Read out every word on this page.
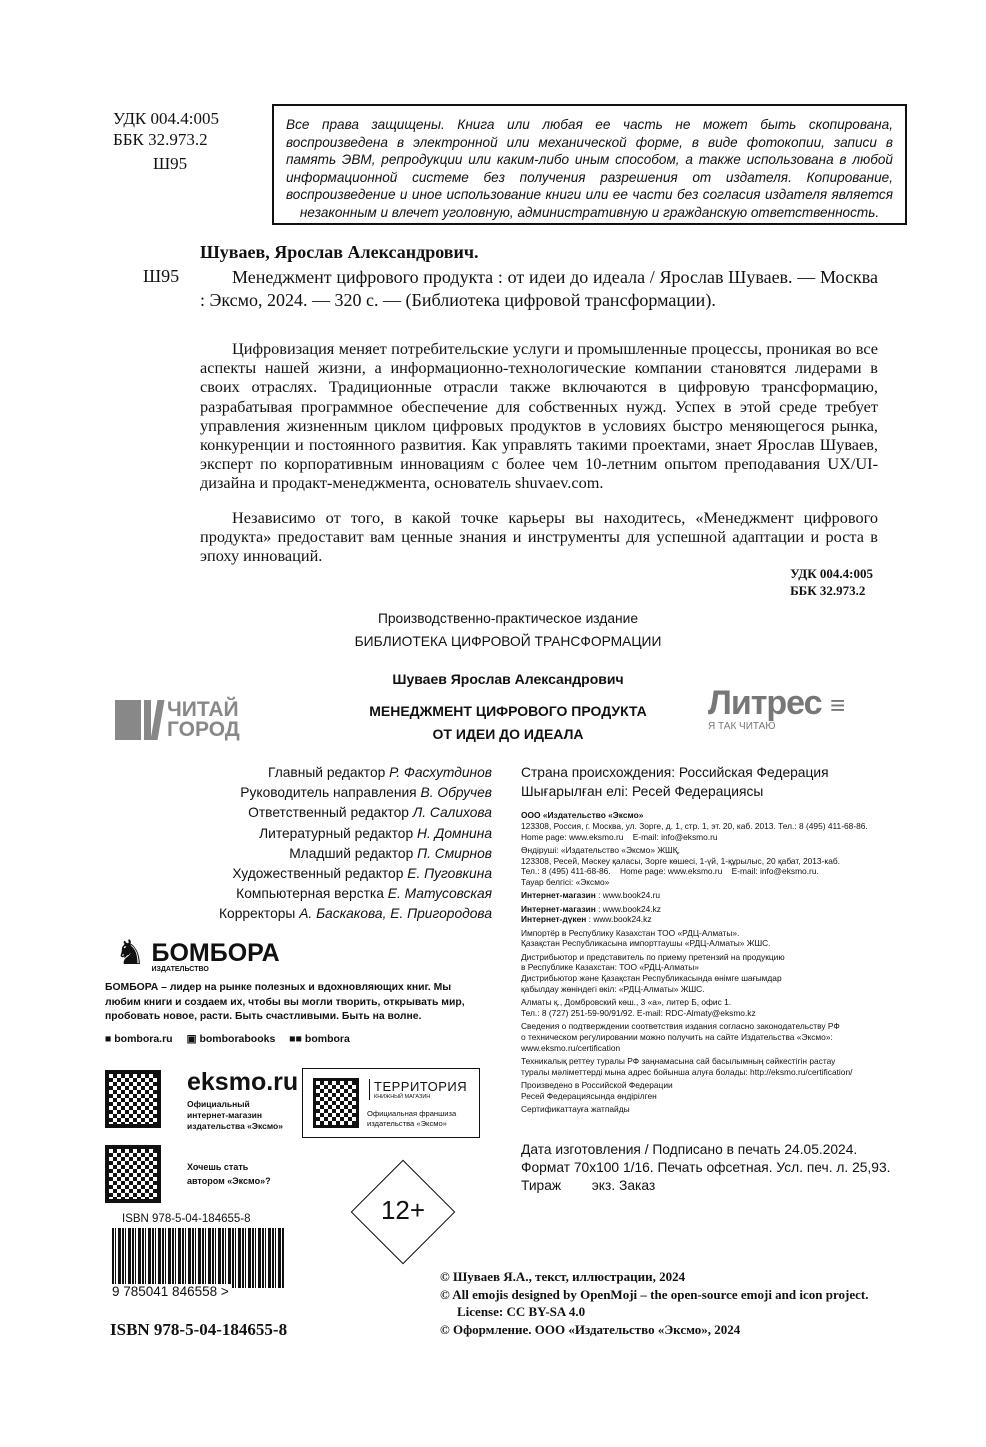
УДК 004.4:005
ББК 32.973.2
Ш95
Все права защищены. Книга или любая ее часть не может быть скопирована, воспроизведена в электронной или механической форме, в виде фотокопии, записи в память ЭВМ, репродукции или каким-либо иным способом, а также использована в любой информационной системе без получения разрешения от издателя. Копирование, воспроизведение и иное использование книги или ее части без согласия издателя является незаконным и влечет уголовную, административную и гражданскую ответственность.
Шуваев, Ярослав Александрович.
Ш95	Менеджмент цифрового продукта : от идеи до идеала / Ярослав Шуваев. — Москва : Эксмо, 2024. — 320 с. — (Библиотека цифровой трансформации).
Цифровизация меняет потребительские услуги и промышленные процессы, проникая во все аспекты нашей жизни, а информационно-технологические компании становятся лидерами в своих отраслях. Традиционные отрасли также включаются в цифровую трансформацию, разрабатывая программное обеспечение для собственных нужд. Успех в этой среде требует управления жизненным циклом цифровых продуктов в условиях быстро меняющегося рынка, конкуренции и постоянного развития. Как управлять такими проектами, знает Ярослав Шуваев, эксперт по корпоративным инновациям с более чем 10-летним опытом преподавания UX/UI-дизайна и продакт-менеджмента, основатель shuvaev.com.
Независимо от того, в какой точке карьеры вы находитесь, «Менеджмент цифрового продукта» предоставит вам ценные знания и инструменты для успешной адаптации и роста в эпоху инноваций.
УДК 004.4:005
ББК 32.973.2
Производственно-практическое издание
БИБЛИОТЕКА ЦИФРОВОЙ ТРАНСФОРМАЦИИ
Шуваев Ярослав Александрович
МЕНЕДЖМЕНТ ЦИФРОВОГО ПРОДУКТА
ОТ ИДЕИ ДО ИДЕАЛА
ЧИТАЙ
ГОРОД
Литрес ≡
Я ТАК ЧИТАЮ
Главный редактор Р. Фасхутдинов
Руководитель направления В. Обручев
Ответственный редактор Л. Салихова
Литературный редактор Н. Домнина
Младший редактор П. Смирнов
Художественный редактор Е. Пуговкина
Компьютерная верстка Е. Матусовская
Корректоры А. Баскакова, Е. Пригородова
Страна происхождения: Российская Федерация
Шығарылған елі: Ресей Федерациясы

ООО «Издательство «Эксмо»
123308, Россия, г. Москва, ул. Зорге, д. 1, стр. 1, эт. 20, каб. 2013. Тел.: 8 (495) 411-68-86.
Home page: www.eksmo.ru    E-mail: info@eksmo.ru

Өндіруші: «Издательство «Эксмо» ЖШҚ,
123308, Ресей, Мәскеу қаласы, Зорге көшесі, 1-үй, 1-құрылыс, 20 қабат, 2013-каб.
Тел.: 8 (495) 411-68-86.    Home page: www.eksmo.ru    E-mail: info@eksmo.ru.
Тауар белгісі: «Эксмо»

Интернет-магазин : www.book24.ru

Интернет-магазин : www.book24.kz
Интернет-дүкен : www.book24.kz

Импортёр в Республику Казахстан ТОО «РДЦ-Алматы».
Қазақстан Республикасына импорттаушы «РДЦ-Алматы» ЖШС.

Дистрибьютор и представитель по приему претензий на продукцию
в Республике Казахстан: ТОО «РДЦ-Алматы»
Дистрибьютор және Қазақстан Республикасында өнімге шағымдар
қабылдау жөніндегі өкіл: «РДЦ-Алматы» ЖШС.

Алматы қ., Домбровский көш., 3 «а», литер Б, офис 1.
Тел.: 8 (727) 251-59-90/91/92. E-mail: RDC-Almaty@eksmo.kz

Сведения о подтверждении соответствия издания согласно законодательству РФ
о техническом регулировании можно получить на сайте Издательства «Эксмо»:
www.eksmo.ru/certification

Техникалық реттеу туралы РФ заңнамасына сай басылымның сәйкестігін растау
туралы мәліметтерді мына адрес бойынша алуға болады: http://eksmo.ru/certification/

Произведено в Российской Федерации
Ресей Федерациясында өндірілген

Сертификаттауға жатпайды

Дата изготовления / Подписано в печать 24.05.2024.
Формат 70x100 1/16. Печать офсетная. Усл. печ. л. 25,93.
Тираж        экз. Заказ
♞ БОМБОРА
ИЗДАТЕЛЬСТВО
БОМБОРА – лидер на рынке полезных и вдохновляющих книг. Мы любим книги и создаем их, чтобы вы могли творить, открывать мир, пробовать новое, расти. Быть счастливыми. Быть на волне.
■ bombora.ru ▣ bomborabooks ■■ bombora
eksmo.ru
Официальный
интернет-магазин
издательства «Эксмо»
ТЕРРИТОРИЯ
КНИЖНЫЙ МАГАЗИН
Официальная франшиза
издательства «Эксмо»
Хочешь стать
автором «Эксмо»?
12+
ISBN 978-5-04-184655-8
9 785041 846558 >
ISBN 978-5-04-184655-8
© Шуваев Я.А., текст, иллюстрации, 2024
© All emojis designed by OpenMoji – the open-source emoji and icon project.
License: CC BY-SA 4.0
© Оформление. ООО «Издательство «Эксмо», 2024
